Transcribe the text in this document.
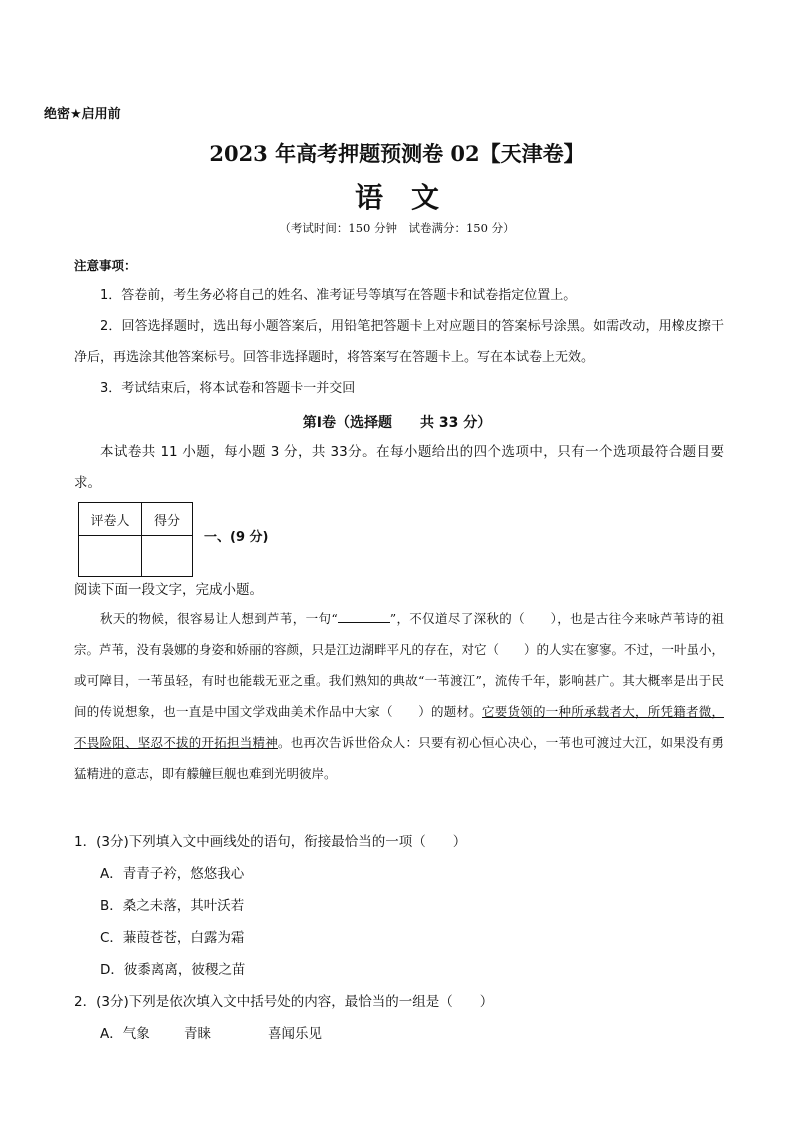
绝密★启用前
2023 年高考押题预测卷 02【天津卷】
语文
（考试时间：150 分钟　试卷满分：150 分）
注意事项：

1．答卷前，考生务必将自己的姓名、准考证号等填写在答题卡和试卷指定位置上。

2．回答选择题时，选出每小题答案后，用铅笔把答题卡上对应题目的答案标号涂黑。如需改动，用橡皮擦干净后，再选涂其他答案标号。回答非选择题时，将答案写在答题卡上。写在本试卷上无效。

3．考试结束后，将本试卷和答题卡一并交回

第Ⅰ卷（选择题　　共 33 分）
本试卷共 11 小题，每小题 3 分，共 33分。在每小题给出的四个选项中，只有一个选项最符合题目要求。
评卷人	得分

一、(9 分)
阅读下面一段文字，完成小题。
秋天的物候，很容易让人想到芦苇，一句“	”，不仅道尽了深秋的（　　），也是古往今来咏芦苇诗的祖宗。芦苇，没有袅娜的身姿和娇丽的容颜，只是江边湖畔平凡的存在，对它（　　）的人实在寥寥。不过，一叶虽小，或可障目，一苇虽轻，有时也能载无亚之重。我们熟知的典故“一苇渡江”，流传千年，影响甚广。其大概率是出于民间的传说想象，也一直是中国文学戏曲美术作品中大家（　　）的题材。它要货领的一种所承载者大，所凭籍者微，不畏险阻、坚忍不拔的开拓担当精神。也再次告诉世俗众人：只要有初心恒心决心，一苇也可渡过大江，如果没有勇猛精进的意志，即有艨艟巨舰也难到光明彼岸。
1．(3分)下列填入文中画线处的语句，衔接最恰当的一项（　　）
A．青青子衿，悠悠我心
B．桑之未落，其叶沃若
C．蒹葭苍苍，白露为霜
D．彼黍离离，彼稷之苗
2．(3分)下列是依次填入文中括号处的内容，最恰当的一组是（　　）
A．气象	青睐	喜闻乐见
